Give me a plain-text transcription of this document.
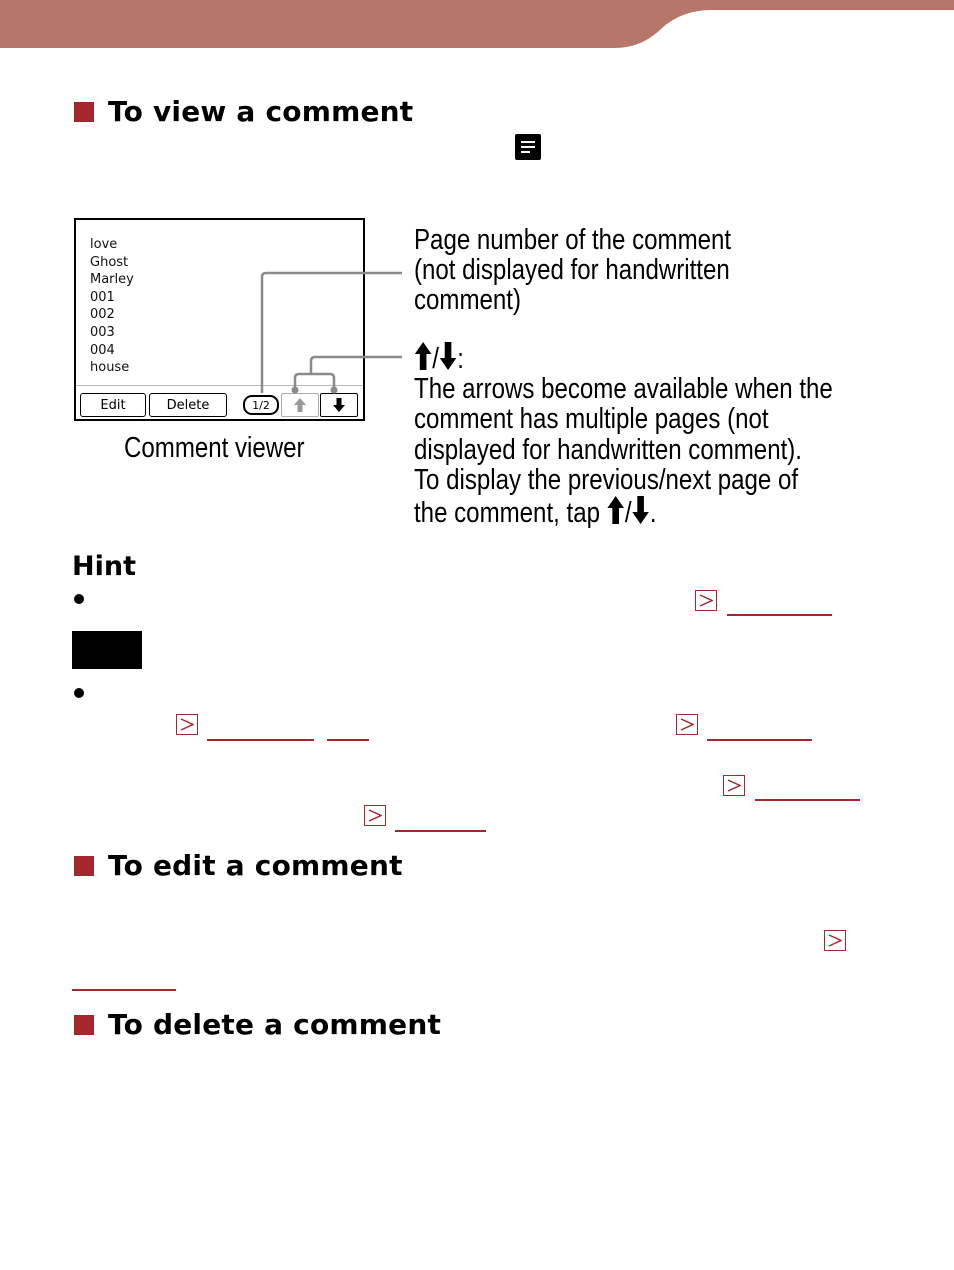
To view a comment
love
Ghost
Marley
001
002
003
004
house
Edit	Delete	1/2
Comment viewer
Page number of the comment
(not displayed for handwritten
comment)
/ :
The arrows become available when the
comment has multiple pages (not
displayed for handwritten comment).
To display the previous/next page of
the comment, tap / .
Hint
To edit a comment
To delete a comment
